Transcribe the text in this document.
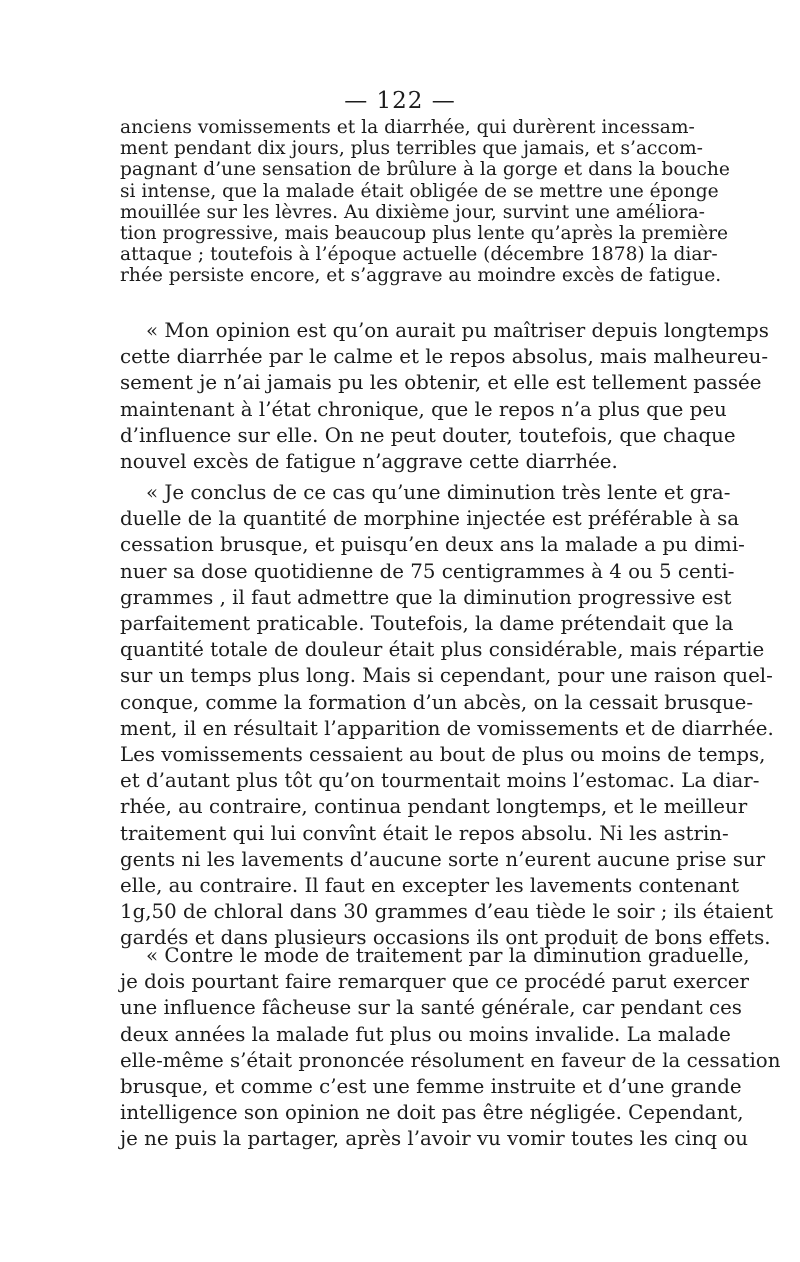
— 122 —
anciens vomissements et la diarrhée, qui durèrent incessam-
ment pendant dix jours, plus terribles que jamais, et s’accom-
pagnant d’une sensation de brûlure à la gorge et dans la bouche
si intense, que la malade était obligée de se mettre une éponge
mouillée sur les lèvres. Au dixième jour, survint une améliora-
tion progressive, mais beaucoup plus lente qu’après la première
attaque ; toutefois à l’époque actuelle (décembre 1878) la diar-
rhée persiste encore, et s’aggrave au moindre excès de fatigue.
« Mon opinion est qu’on aurait pu maîtriser depuis longtemps
cette diarrhée par le calme et le repos absolus, mais malheureu-
sement je n’ai jamais pu les obtenir, et elle est tellement passée
maintenant à l’état chronique, que le repos n’a plus que peu
d’influence sur elle. On ne peut douter, toutefois, que chaque
nouvel excès de fatigue n’aggrave cette diarrhée.
« Je conclus de ce cas qu’une diminution très lente et gra-
duelle de la quantité de morphine injectée est préférable à sa
cessation brusque, et puisqu’en deux ans la malade a pu dimi-
nuer sa dose quotidienne de 75 centigrammes à 4 ou 5 centi-
grammes , il faut admettre que la diminution progressive est
parfaitement praticable. Toutefois, la dame prétendait que la
quantité totale de douleur était plus considérable, mais répartie
sur un temps plus long. Mais si cependant, pour une raison quel-
conque, comme la formation d’un abcès, on la cessait brusque-
ment, il en résultait l’apparition de vomissements et de diarrhée.
Les vomissements cessaient au bout de plus ou moins de temps,
et d’autant plus tôt qu’on tourmentait moins l’estomac. La diar-
rhée, au contraire, continua pendant longtemps, et le meilleur
traitement qui lui convînt était le repos absolu. Ni les astrin-
gents ni les lavements d’aucune sorte n’eurent aucune prise sur
elle, au contraire. Il faut en excepter les lavements contenant
1g,50 de chloral dans 30 grammes d’eau tiède le soir ; ils étaient
gardés et dans plusieurs occasions ils ont produit de bons effets.
« Contre le mode de traitement par la diminution graduelle,
je dois pourtant faire remarquer que ce procédé parut exercer
une influence fâcheuse sur la santé générale, car pendant ces
deux années la malade fut plus ou moins invalide. La malade
elle-même s’était prononcée résolument en faveur de la cessation
brusque, et comme c’est une femme instruite et d’une grande
intelligence son opinion ne doit pas être négligée. Cependant,
je ne puis la partager, après l’avoir vu vomir toutes les cinq ou
